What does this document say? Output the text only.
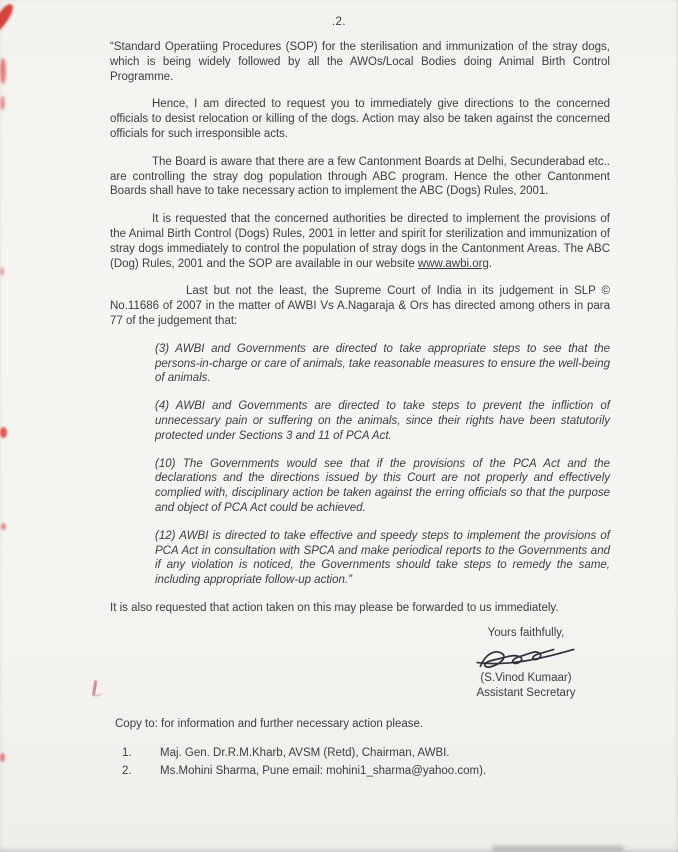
.2.

“Standard Operatiing Procedures (SOP) for the sterilisation and immunization of the stray dogs, which is being widely followed by all the AWOs/Local Bodies doing Animal Birth Control Programme.

Hence, I am directed to request you to immediately give directions to the concerned officials to desist relocation or killing of the dogs. Action may also be taken against the concerned officials for such irresponsible acts.

The Board is aware that there are a few Cantonment Boards at Delhi, Secunderabad etc.. are controlling the stray dog population through ABC program. Hence the other Cantonment Boards shall have to take necessary action to implement the ABC (Dogs) Rules, 2001.

It is requested that the concerned authorities be directed to implement the provisions of the Animal Birth Control (Dogs) Rules, 2001 in letter and spirit for sterilization and immunization of stray dogs immediately to control the population of stray dogs in the Cantonment Areas. The ABC (Dog) Rules, 2001 and the SOP are available in our website www.awbi.org.

Last but not the least, the Supreme Court of India in its judgement in SLP © No.11686 of 2007 in the matter of AWBI Vs A.Nagaraja & Ors has directed among others in para 77 of the judgement that:

(3) AWBI and Governments are directed to take appropriate steps to see that the persons-in-charge or care of animals, take reasonable measures to ensure the well-being of animals.

(4) AWBI and Governments are directed to take steps to prevent the infliction of unnecessary pain or suffering on the animals, since their rights have been statutorily protected under Sections 3 and 11 of PCA Act.

(10) The Governments would see that if the provisions of the PCA Act and the declarations and the directions issued by this Court are not properly and effectively complied with, disciplinary action be taken against the erring officials so that the purpose and object of PCA Act could be achieved.

(12) AWBI is directed to take effective and speedy steps to implement the provisions of PCA Act in consultation with SPCA and make periodical reports to the Governments and if any violation is noticed, the Governments should take steps to remedy the same, including appropriate follow-up action.”

It is also requested that action taken on this may please be forwarded to us immediately.

Yours faithfully,
(S.Vinod Kumaar)
Assistant Secretary
Copy to: for information and further necessary action please.
1. Maj. Gen. Dr.R.M.Kharb, AVSM (Retd), Chairman, AWBI.
2. Ms.Mohini Sharma, Pune email: mohini1_sharma@yahoo.com).
